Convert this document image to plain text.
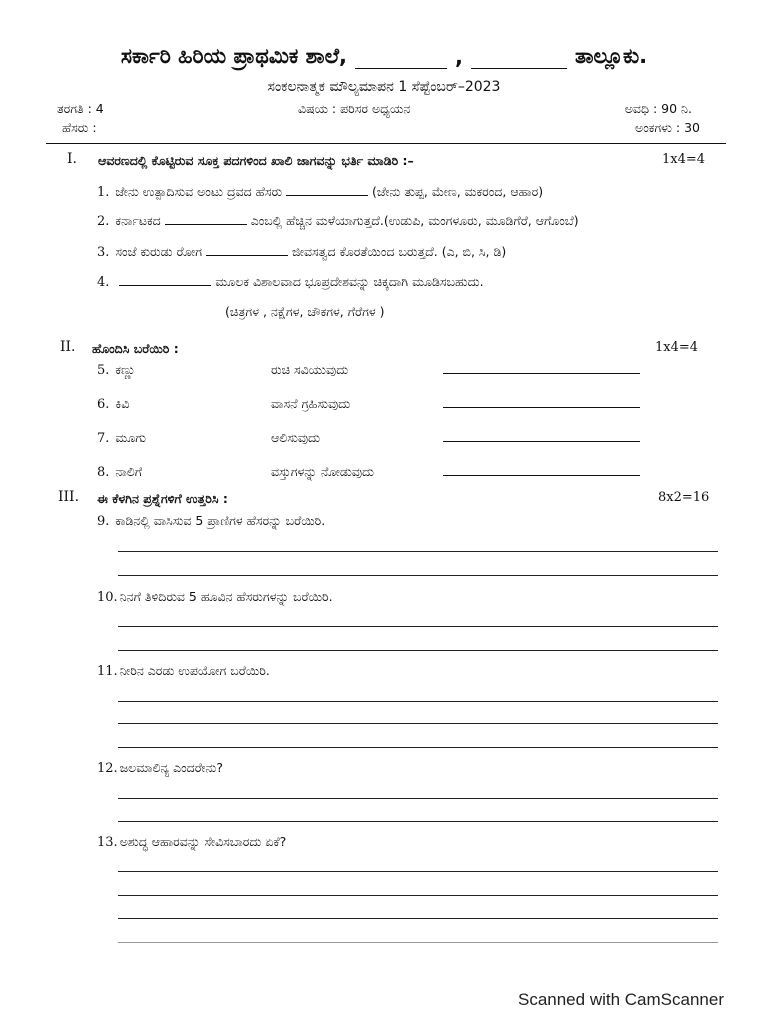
ಸರ್ಕಾರಿ ಹಿರಿಯ ಪ್ರಾಥಮಿಕ ಶಾಲೆ,	,	ತಾಲ್ಲೂಕು.
ಸಂಕಲನಾತ್ಮಕ ಮೌಲ್ಯಮಾಪನ 1 ಸೆಪ್ಟೆಂಬರ್–2023
ತರಗತಿ : 4	ವಿಷಯ : ಪರಿಸರ ಅಧ್ಯಯನ	ಅವಧಿ : 90 ನಿ.
ಹೆಸರು :	ಅಂಕಗಳು : 30
I. ಆವರಣದಲ್ಲಿ ಕೊಟ್ಟಿರುವ ಸೂಕ್ತ ಪದಗಳಿಂದ ಖಾಲಿ ಜಾಗವನ್ನು ಭರ್ತಿ ಮಾಡಿರಿ :–	1x4=4
1. ಜೇನು ಉತ್ಪಾದಿಸುವ ಅಂಟು ದ್ರವದ ಹೆಸರು	(ಜೇನು ತುಪ್ಪ, ಮೇಣ, ಮಕರಂದ, ಆಹಾರ)
2. ಕರ್ನಾಟಕದ	ಎಂಬಲ್ಲಿ ಹೆಚ್ಚಿನ ಮಳೆಯಾಗುತ್ತದೆ.(ಉಡುಪಿ, ಮಂಗಳೂರು, ಮೂಡಿಗೆರೆ, ಆಗೊಂಬೆ)
3. ಸಂಜೆ ಕುರುಡು ರೋಗ	ಜೀವಸತ್ವದ ಕೊರತೆಯಿಂದ ಬರುತ್ತದೆ. (ಎ, ಬಿ, ಸಿ, ಡಿ)
4.	ಮೂಲಕ ವಿಶಾಲವಾದ ಭೂಪ್ರದೇಶವನ್ನು ಚಿಕ್ಕದಾಗಿ ಮೂಡಿಸಬಹುದು.
(ಚಿತ್ರಗಳ , ನಕ್ಷೆಗಳ, ಚೌಕಗಳ, ಗೆರೆಗಳ )
II. ಹೊಂದಿಸಿ ಬರೆಯಿರಿ :	1x4=4
5. ಕಣ್ಣು	ರುಚಿ ಸವಿಯುವುದು
6. ಕಿವಿ	ವಾಸನೆ ಗ್ರಹಿಸುವುದು
7. ಮೂಗು	ಆಲಿಸುವುದು
8. ನಾಲಿಗೆ	ವಸ್ತುಗಳನ್ನು ನೋಡುವುದು
III. ಈ ಕೆಳಗಿನ ಪ್ರಶ್ನೆಗಳಿಗೆ ಉತ್ತರಿಸಿ :	8x2=16
9. ಕಾಡಿನಲ್ಲಿ ವಾಸಿಸುವ 5 ಪ್ರಾಣಿಗಳ ಹೆಸರನ್ನು ಬರೆಯಿರಿ.
10. ನಿನಗೆ ತಿಳಿದಿರುವ 5 ಹೂವಿನ ಹೆಸರುಗಳನ್ನು ಬರೆಯಿರಿ.
11. ನೀರಿನ ಎರಡು ಉಪಯೋಗ ಬರೆಯಿರಿ.
12. ಜಲಮಾಲಿನ್ಯ ಎಂದರೇನು?
13. ಅಶುದ್ಧ ಆಹಾರವನ್ನು ಸೇವಿಸಬಾರದು ಏಕೆ?
Scanned with CamScanner
